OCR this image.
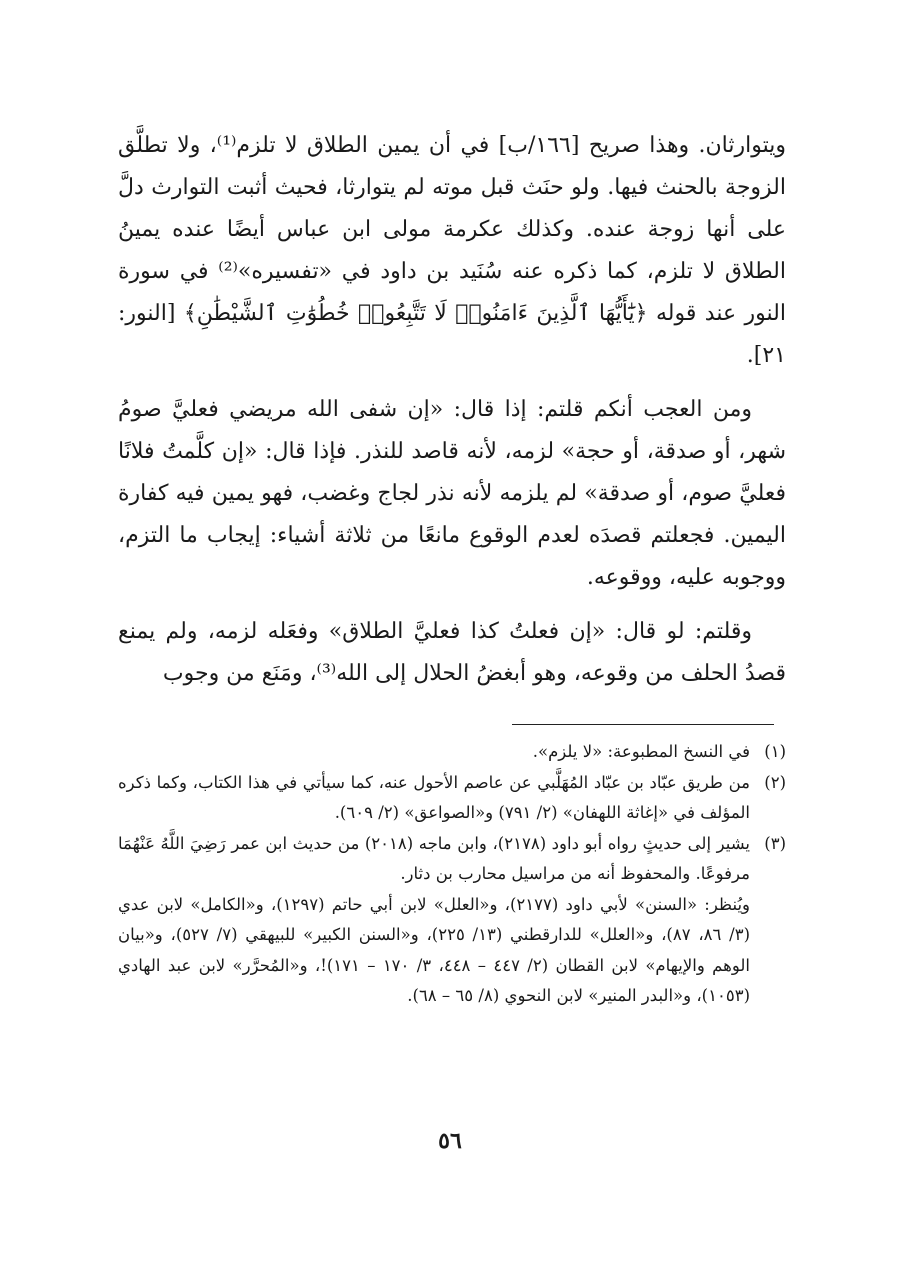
ويتوارثان. وهذا صريح [١٦٦/ب] في أن يمين الطلاق لا تلزم⁽¹⁾، ولا تطلَّق الزوجة بالحنث فيها. ولو حنَث قبل موته لم يتوارثا، فحيث أثبت التوارث دلَّ على أنها زوجة عنده. وكذلك عكرمة مولى ابن عباس أيضًا عنده يمينُ الطلاق لا تلزم، كما ذكره عنه سُنَيد بن داود في «تفسيره»⁽²⁾ في سورة النور عند قوله ﴿يَٰٓأَيُّهَا ٱلَّذِينَ ءَامَنُوا۟ لَا تَتَّبِعُوا۟ خُطُوَٰتِ ٱلشَّيْطَٰنِ﴾ [النور: ٢١].

ومن العجب أنكم قلتم: إذا قال: «إن شفى الله مريضي فعليَّ صومُ شهر، أو صدقة، أو حجة» لزمه، لأنه قاصد للنذر. فإذا قال: «إن كلَّمتُ فلانًا فعليَّ صوم، أو صدقة» لم يلزمه لأنه نذر لجاج وغضب، فهو يمين فيه كفارة اليمين. فجعلتم قصدَه لعدم الوقوع مانعًا من ثلاثة أشياء: إيجاب ما التزم، ووجوبه عليه، ووقوعه.

وقلتم: لو قال: «إن فعلتُ كذا فعليَّ الطلاق» وفعَله لزمه، ولم يمنع قصدُ الحلف من وقوعه، وهو أبغضُ الحلال إلى الله⁽³⁾، ومَنَع من وجوب

(١)

في النسخ المطبوعة: «لا يلزم».

(٢)

من طريق عبّاد بن عبّاد المُهَلَّبي عن عاصم الأحول عنه، كما سيأتي في هذا الكتاب، وكما ذكره المؤلف في «إغاثة اللهفان» (٢/ ٧٩١) و«الصواعق» (٢/ ٦٠٩).

(٣)

يشير إلى حديثٍ رواه أبو داود (٢١٧٨)، وابن ماجه (٢٠١٨) من حديث ابن عمر رَضِيَ اللَّهُ عَنْهُمَا مرفوعًا. والمحفوظ أنه من مراسيل محارب بن دثار.

ويُنظر: «السنن» لأبي داود (٢١٧٧)، و«العلل» لابن أبي حاتم (١٢٩٧)، و«الكامل» لابن عدي (٣/ ٨٦، ٨٧)، و«العلل» للدارقطني (١٣/ ٢٢٥)، و«السنن الكبير» للبيهقي (٧/ ٥٢٧)، و«بيان الوهم والإيهام» لابن القطان (٢/ ٤٤٧ – ٤٤٨، ٣/ ١٧٠ – ١٧١)!، و«المُحرَّر» لابن عبد الهادي (١٠٥٣)، و«البدر المنير» لابن النحوي (٨/ ٦٥ – ٦٨).

٥٦
